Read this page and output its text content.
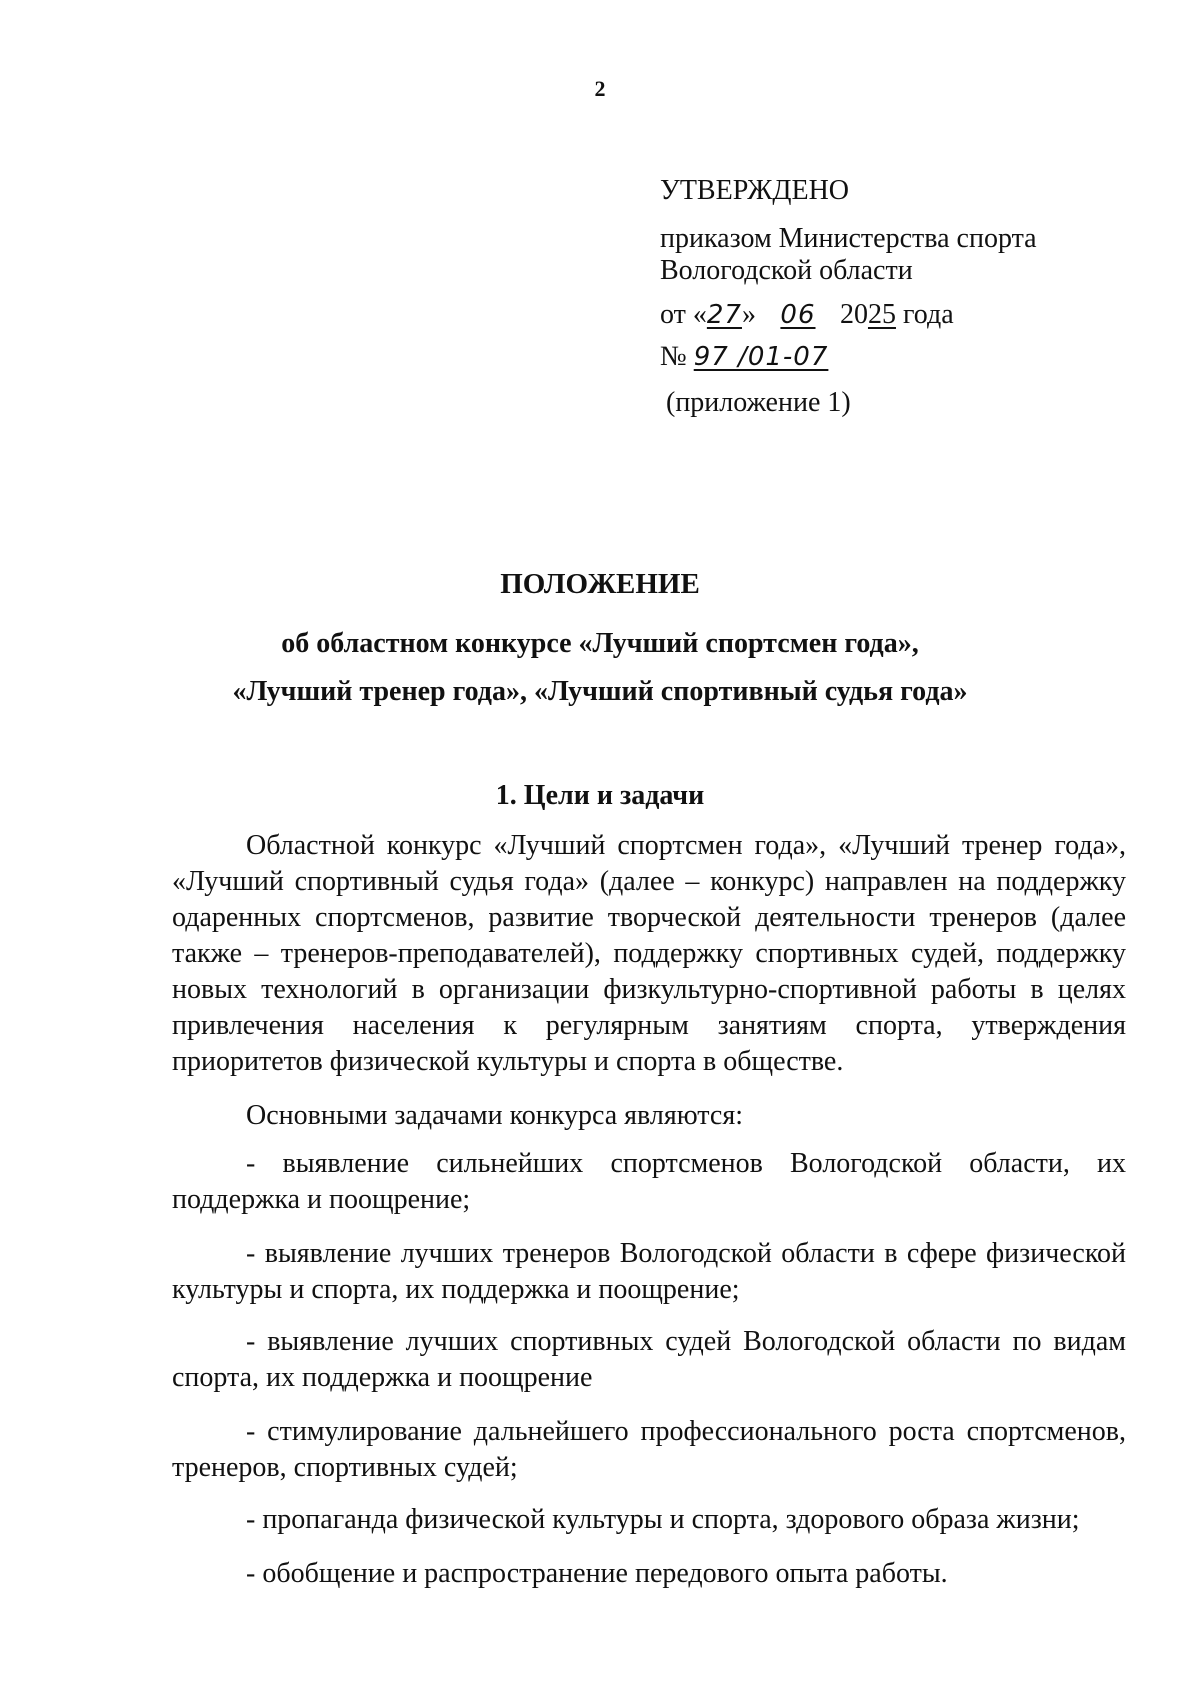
2
УТВЕРЖДЕНО
приказом Министерства спорта
Вологодской области
от «27» 06 2025 года
№ 97 /01-07
(приложение 1)
ПОЛОЖЕНИЕ
об областном конкурсе «Лучший спортсмен года»,
«Лучший тренер года», «Лучший спортивный судья года»
1. Цели и задачи
Областной конкурс «Лучший спортсмен года», «Лучший тренер года», «Лучший спортивный судья года» (далее – конкурс) направлен на поддержку одаренных спортсменов, развитие творческой деятельности тренеров (далее также – тренеров-преподавателей), поддержку спортивных судей, поддержку новых технологий в организации физкультурно-спортивной работы в целях привлечения населения к регулярным занятиям спорта, утверждения приоритетов физической культуры и спорта в обществе.
Основными задачами конкурса являются:
- выявление сильнейших спортсменов Вологодской области, их поддержка и поощрение;
- выявление лучших тренеров Вологодской области в сфере физической культуры и спорта, их поддержка и поощрение;
- выявление лучших спортивных судей Вологодской области по видам спорта, их поддержка и поощрение
- стимулирование дальнейшего профессионального роста спортсменов, тренеров, спортивных судей;
- пропаганда физической культуры и спорта, здорового образа жизни;
- обобщение и распространение передового опыта работы.
